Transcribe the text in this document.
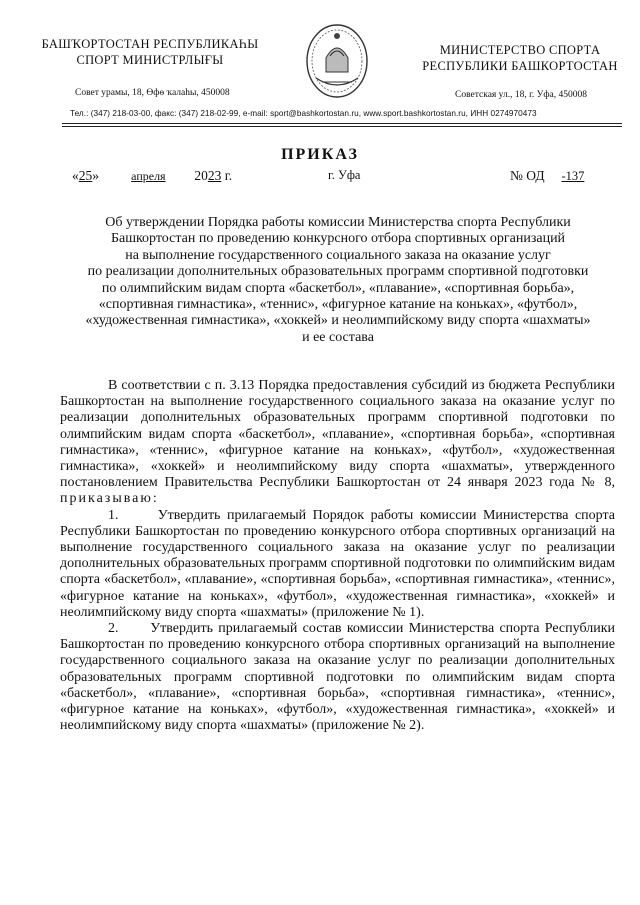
БАШҠОРТОСТАН РЕСПУБЛИКАҺЫ
СПОРТ МИНИСТРЛЫҒЫ
Совет урамы, 18, Өфө ҡалаһы, 450008
МИНИСТЕРСТВО СПОРТА
РЕСПУБЛИКИ БАШКОРТОСТАН
Советская ул., 18, г. Уфа, 450008
Тел.: (347) 218-03-00, факс: (347) 218-02-99, e-mail: sport@bashkortostan.ru, www.sport.bashkortostan.ru, ИНН 0274970473
ПРИКАЗ
«25»	апреля 2023 г.	г. Уфа	№ ОД -137
Об утверждении Порядка работы комиссии Министерства спорта Республики
Башкортостан по проведению конкурсного отбора спортивных организаций
на выполнение государственного социального заказа на оказание услуг
по реализации дополнительных образовательных программ спортивной подготовки
по олимпийским видам спорта «баскетбол», «плавание», «спортивная борьба»,
«спортивная гимнастика», «теннис», «фигурное катание на коньках», «футбол»,
«художественная гимнастика», «хоккей» и неолимпийскому виду спорта «шахматы»
и ее состава

В соответствии с п. 3.13 Порядка предоставления субсидий из бюджета Республики Башкортостан на выполнение государственного социального заказа на оказание услуг по реализации дополнительных образовательных программ спортивной подготовки по олимпийским видам спорта «баскетбол», «плавание», «спортивная борьба», «спортивная гимнастика», «теннис», «фигурное катание на коньках», «футбол», «художественная гимнастика», «хоккей» и неолимпийскому виду спорта «шахматы», утвержденного постановлением Правительства Республики Башкортостан от 24 января 2023 года № 8, приказываю:

1.      Утвердить прилагаемый Порядок работы комиссии Министерства спорта Республики Башкортостан по проведению конкурсного отбора спортивных организаций на выполнение государственного социального заказа на оказание услуг по реализации дополнительных образовательных программ спортивной подготовки по олимпийским видам спорта «баскетбол», «плавание», «спортивная борьба», «спортивная гимнастика», «теннис», «фигурное катание на коньках», «футбол», «художественная гимнастика», «хоккей» и неолимпийскому виду спорта «шахматы» (приложение № 1).

2.      Утвердить прилагаемый состав комиссии Министерства спорта Республики Башкортостан по проведению конкурсного отбора спортивных организаций на выполнение государственного социального заказа на оказание услуг по реализации дополнительных образовательных программ спортивной подготовки по олимпийским видам спорта «баскетбол», «плавание», «спортивная борьба», «спортивная гимнастика», «теннис», «фигурное катание на коньках», «футбол», «художественная гимнастика», «хоккей» и неолимпийскому виду спорта «шахматы» (приложение № 2).
